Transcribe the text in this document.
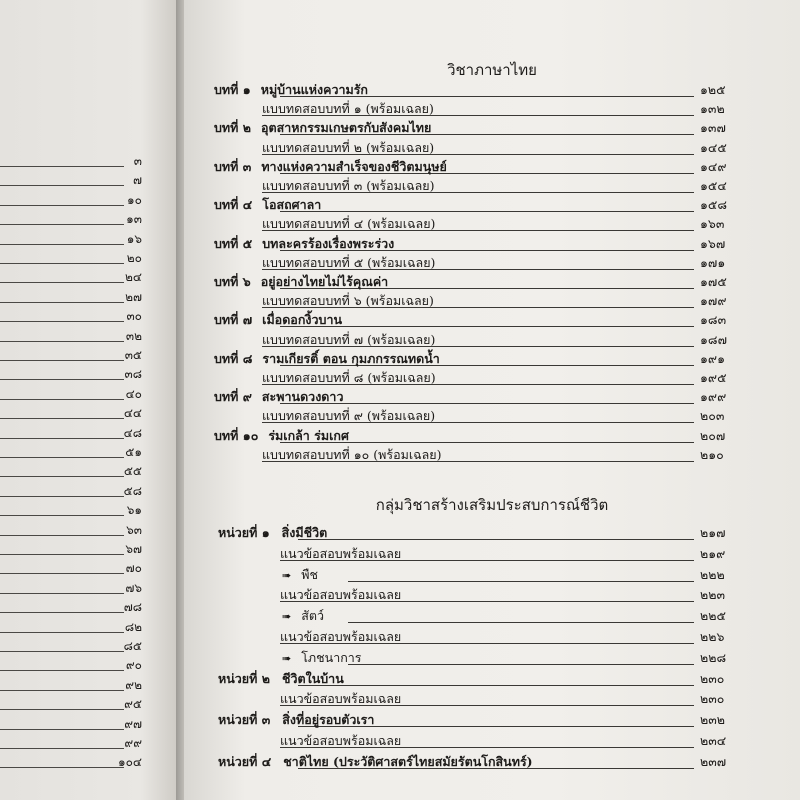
๓
๗
๑๐
๑๓
๑๖
๒๐
๒๔
๒๗
๓๐
๓๒
๓๕
๓๘
๔๐
๔๔
๔๘
๕๑
๕๕
๕๘
๖๑
๖๓
๖๗
๗๐
๗๖
๗๘
๘๒
๘๕
๙๐
๙๒
๙๕
๙๗
๙๙
๑๐๔
วิชาภาษาไทย
บทที่ ๑ หมู่บ้านแห่งความรัก	๑๒๕
แบบทดสอบบทที่ ๑ (พร้อมเฉลย)	๑๓๒
บทที่ ๒ อุตสาหกรรมเกษตรกับสังคมไทย	๑๓๗
แบบทดสอบบทที่ ๒ (พร้อมเฉลย)	๑๔๕
บทที่ ๓ ทางแห่งความสำเร็จของชีวิตมนุษย์	๑๔๙
แบบทดสอบบทที่ ๓ (พร้อมเฉลย)	๑๕๔
บทที่ ๔ โอสถศาลา	๑๕๘
แบบทดสอบบทที่ ๔ (พร้อมเฉลย)	๑๖๓
บทที่ ๕ บทละครร้องเรื่องพระร่วง	๑๖๗
แบบทดสอบบทที่ ๕ (พร้อมเฉลย)	๑๗๑
บทที่ ๖ อยู่อย่างไทยไม่ไร้คุณค่า	๑๗๕
แบบทดสอบบทที่ ๖ (พร้อมเฉลย)	๑๗๙
บทที่ ๗ เมื่อดอกงิ้วบาน	๑๘๓
แบบทดสอบบทที่ ๗ (พร้อมเฉลย)	๑๘๗
บทที่ ๘ รามเกียรติ์ ตอน กุมภกรรณทดน้ำ	๑๙๑
แบบทดสอบบทที่ ๘ (พร้อมเฉลย)	๑๙๕
บทที่ ๙ สะพานดวงดาว	๑๙๙
แบบทดสอบบทที่ ๙ (พร้อมเฉลย)	๒๐๓
บทที่ ๑๐ ร่มเกล้า ร่มเกศ	๒๐๗
แบบทดสอบบทที่ ๑๐ (พร้อมเฉลย)	๒๑๐
กลุ่มวิชาสร้างเสริมประสบการณ์ชีวิต
หน่วยที่ ๑ สิ่งมีชีวิต	๒๑๗
แนวข้อสอบพร้อมเฉลย	๒๑๙
➠ พืช	๒๒๒
แนวข้อสอบพร้อมเฉลย	๒๒๓
➠ สัตว์	๒๒๕
แนวข้อสอบพร้อมเฉลย	๒๒๖
➠ โภชนาการ	๒๒๘
หน่วยที่ ๒ ชีวิตในบ้าน	๒๓๐
แนวข้อสอบพร้อมเฉลย	๒๓๐
หน่วยที่ ๓ สิ่งที่อยู่รอบตัวเรา	๒๓๒
แนวข้อสอบพร้อมเฉลย	๒๓๔
หน่วยที่ ๔ ชาติไทย (ประวัติศาสตร์ไทยสมัยรัตนโกสินทร์)	๒๓๗
